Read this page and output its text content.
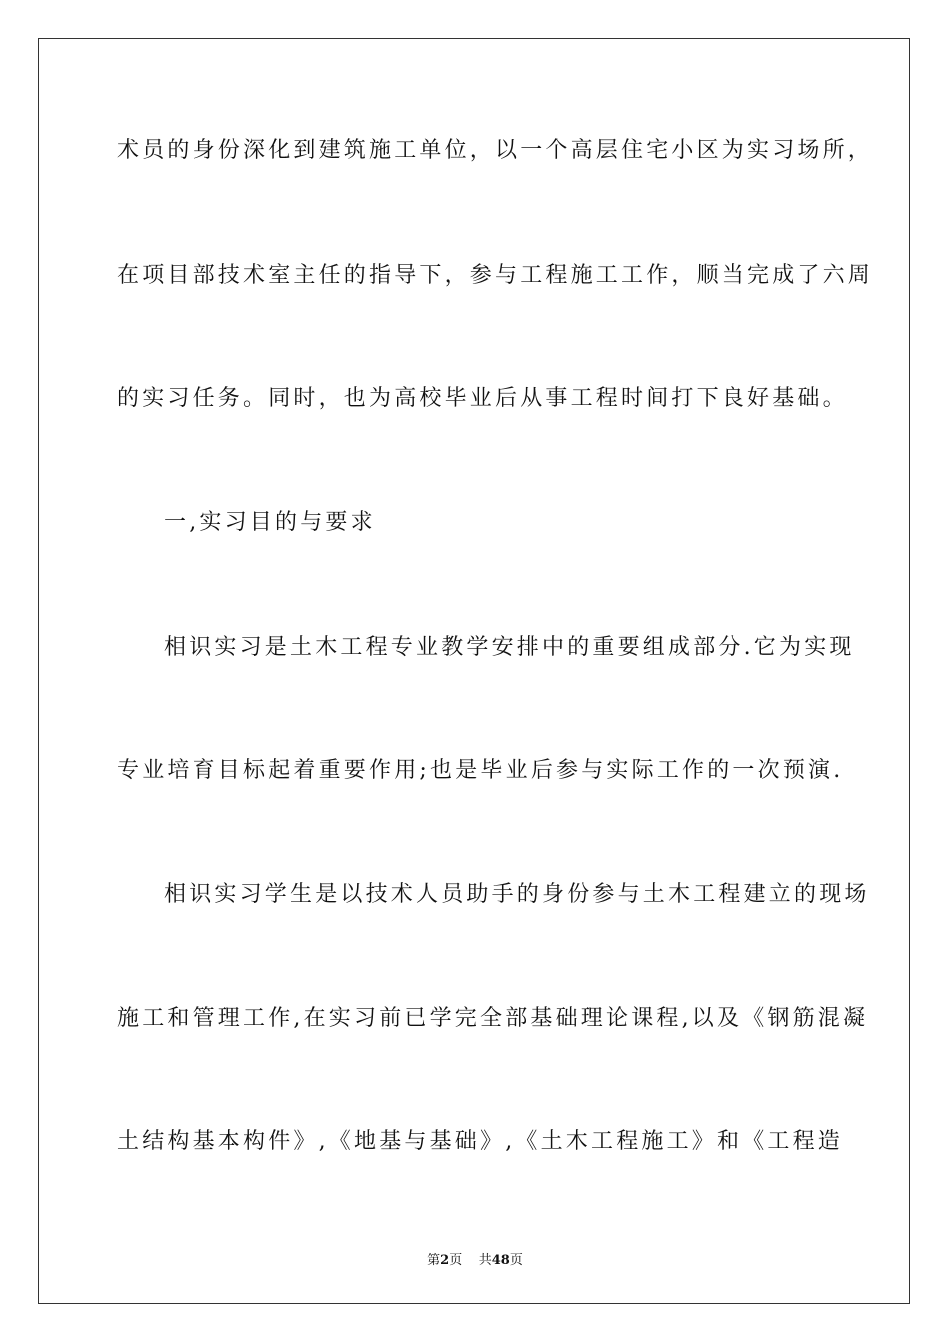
术员的身份深化到建筑施工单位，以一个高层住宅小区为实习场所，
在项目部技术室主任的指导下，参与工程施工工作，顺当完成了六周
的实习任务。同时，也为高校毕业后从事工程时间打下良好基础。
一,实习目的与要求
相识实习是土木工程专业教学安排中的重要组成部分.它为实现
专业培育目标起着重要作用;也是毕业后参与实际工作的一次预演.
相识实习学生是以技术人员助手的身份参与土木工程建立的现场
施工和管理工作,在实习前已学完全部基础理论课程,以及《钢筋混凝
土结构基本构件》,《地基与基础》,《土木工程施工》和《工程造
第2页 共48页
